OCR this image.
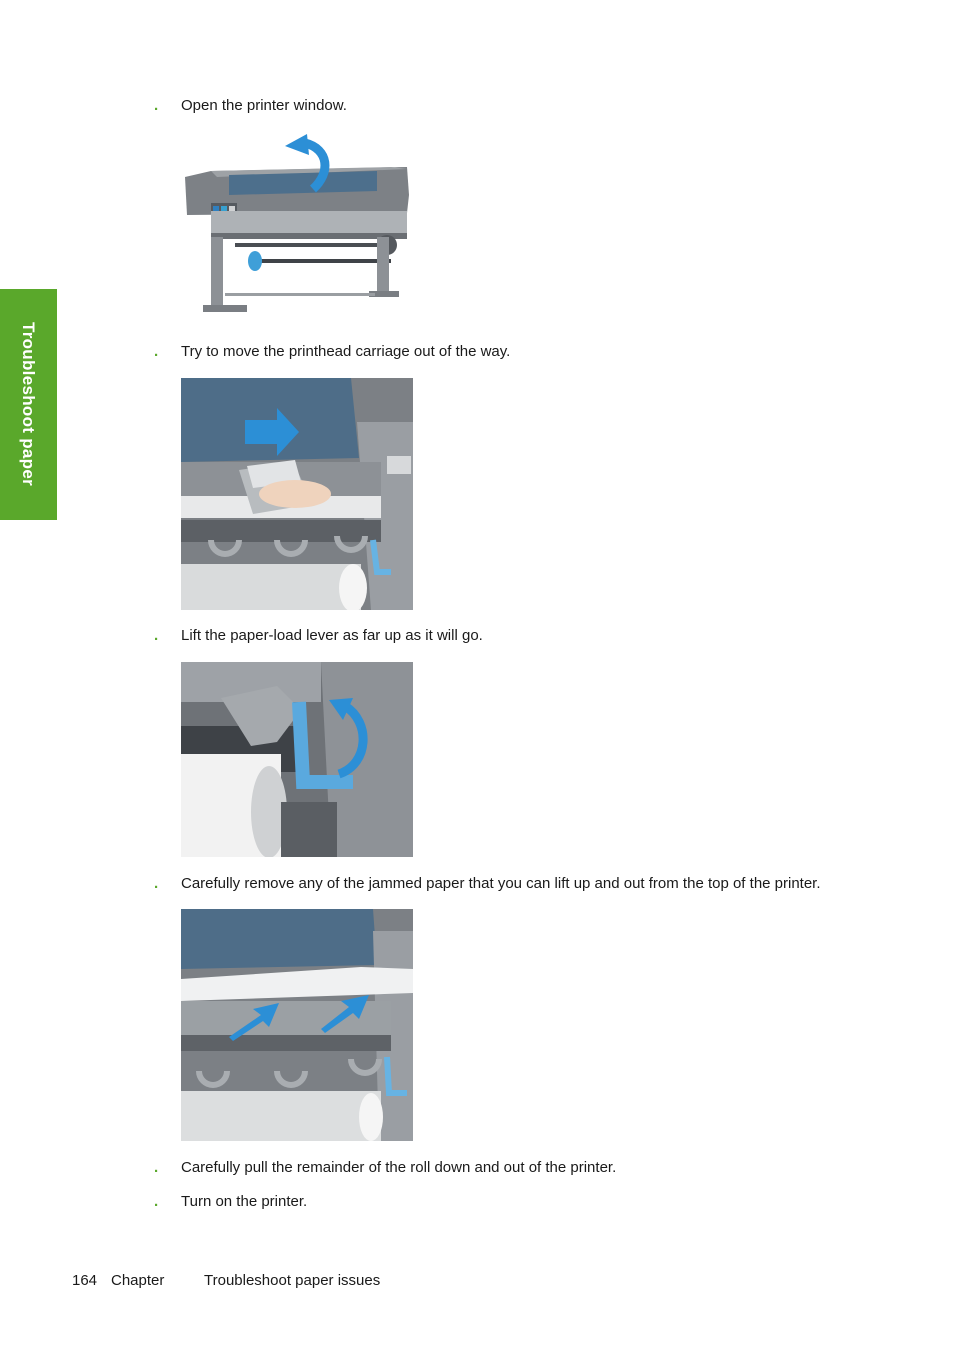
Troubleshoot paper
. Open the printer window.
. Try to move the printhead carriage out of the way.
. Lift the paper-load lever as far up as it will go.
. Carefully remove any of the jammed paper that you can lift up and out from the top of the printer.
. Carefully pull the remainder of the roll down and out of the printer.
. Turn on the printer.
164 Chapter	Troubleshoot paper issues
